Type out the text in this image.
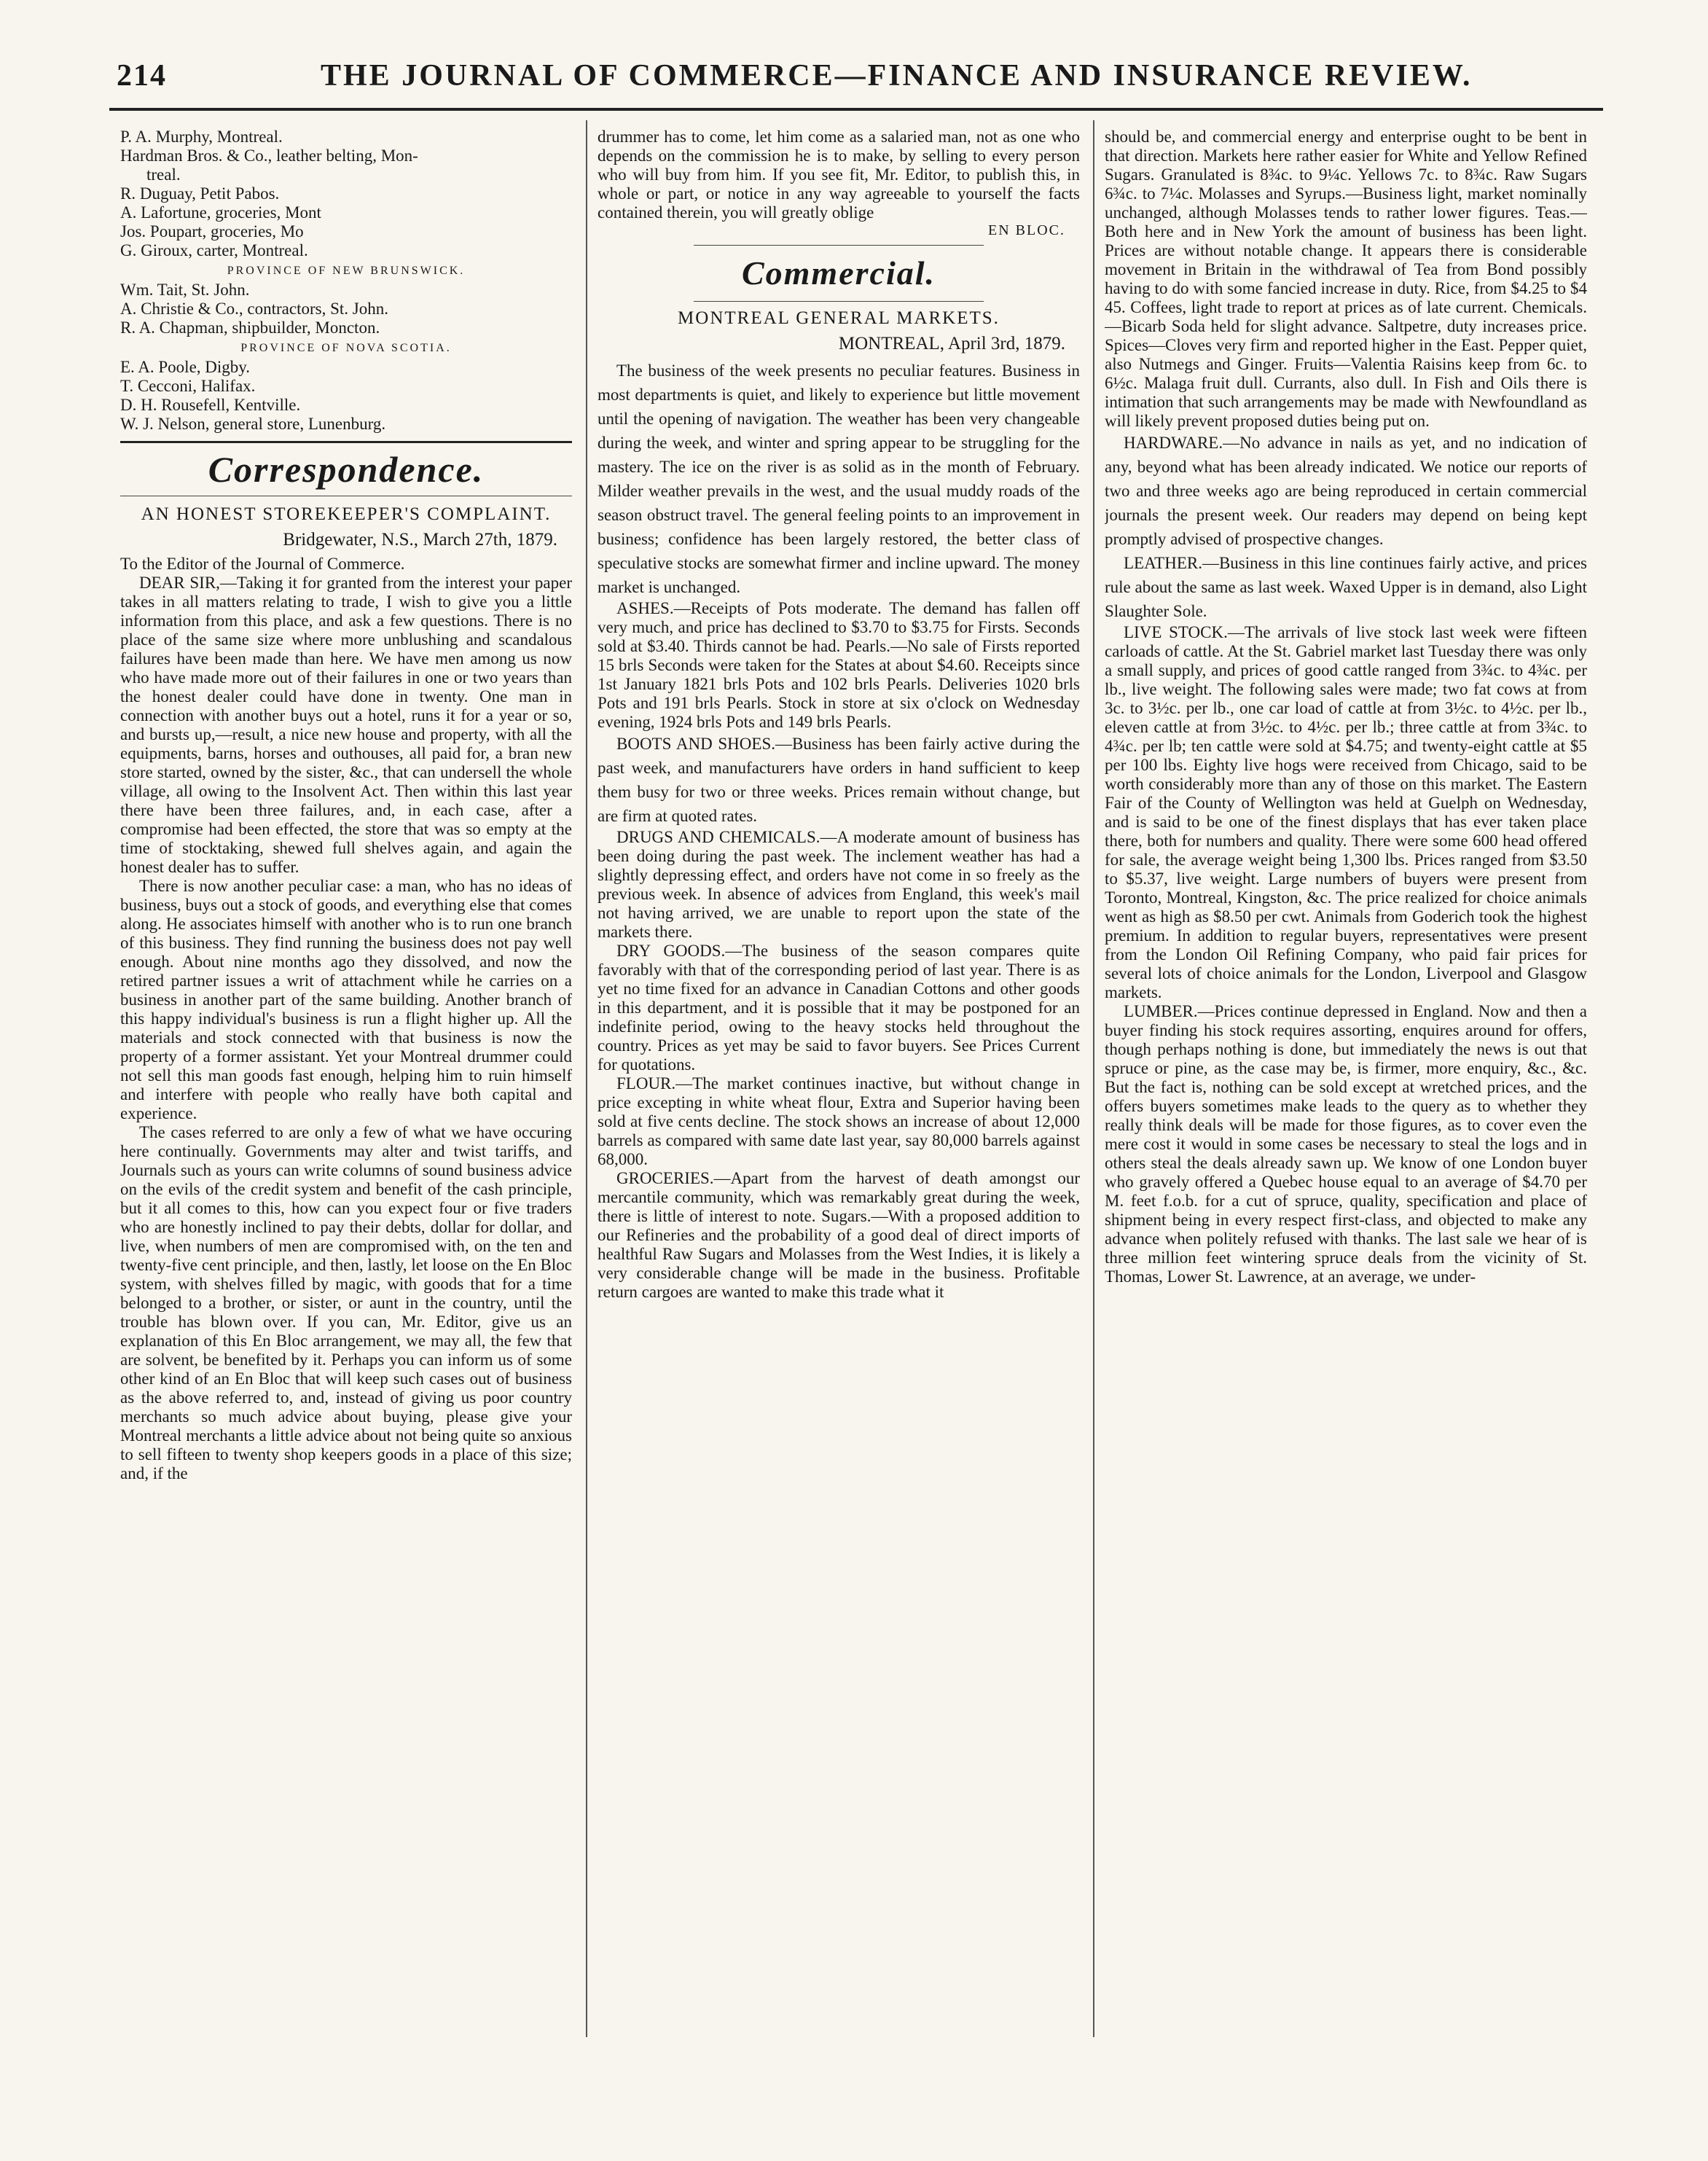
214	THE JOURNAL OF COMMERCE—FINANCE AND INSURANCE REVIEW.
P. A. Murphy, Montreal.
Hardman Bros. & Co., leather belting, Mon-
treal.
R. Duguay, Petit Pabos.
A. Lafortune, groceries, Mont
Jos. Poupart, groceries, Mo
G. Giroux, carter, Montreal.
PROVINCE OF NEW BRUNSWICK.
Wm. Tait, St. John.
A. Christie & Co., contractors, St. John.
R. A. Chapman, shipbuilder, Moncton.
PROVINCE OF NOVA SCOTIA.
E. A. Poole, Digby.
T. Cecconi, Halifax.
D. H. Rousefell, Kentville.
W. J. Nelson, general store, Lunenburg.
Correspondence.
AN HONEST STOREKEEPER'S COMPLAINT.
Bridgewater, N.S., March 27th, 1879.
To the Editor of the Journal of Commerce.

DEAR SIR,—Taking it for granted from the interest your paper takes in all matters relating to trade, I wish to give you a little information from this place, and ask a few questions. There is no place of the same size where more unblushing and scandalous failures have been made than here. We have men among us now who have made more out of their failures in one or two years than the honest dealer could have done in twenty. One man in connection with another buys out a hotel, runs it for a year or so, and bursts up,—result, a nice new house and property, with all the equipments, barns, horses and outhouses, all paid for, a bran new store started, owned by the sister, &c., that can undersell the whole village, all owing to the Insolvent Act. Then within this last year there have been three failures, and, in each case, after a compromise had been effected, the store that was so empty at the time of stocktaking, shewed full shelves again, and again the honest dealer has to suffer.

There is now another peculiar case: a man, who has no ideas of business, buys out a stock of goods, and everything else that comes along. He associates himself with another who is to run one branch of this business. They find running the business does not pay well enough. About nine months ago they dissolved, and now the retired partner issues a writ of attachment while he carries on a business in another part of the same building. Another branch of this happy individual's business is run a flight higher up. All the materials and stock connected with that business is now the property of a former assistant. Yet your Montreal drummer could not sell this man goods fast enough, helping him to ruin himself and interfere with people who really have both capital and experience.

The cases referred to are only a few of what we have occuring here continually. Governments may alter and twist tariffs, and Journals such as yours can write columns of sound business advice on the evils of the credit system and benefit of the cash principle, but it all comes to this, how can you expect four or five traders who are honestly inclined to pay their debts, dollar for dollar, and live, when numbers of men are compromised with, on the ten and twenty-five cent principle, and then, lastly, let loose on the En Bloc system, with shelves filled by magic, with goods that for a time belonged to a brother, or sister, or aunt in the country, until the trouble has blown over. If you can, Mr. Editor, give us an explanation of this En Bloc arrangement, we may all, the few that are solvent, be benefited by it. Perhaps you can inform us of some other kind of an En Bloc that will keep such cases out of business as the above referred to, and, instead of giving us poor country merchants so much advice about buying, please give your Montreal merchants a little advice about not being quite so anxious to sell fifteen to twenty shop keepers goods in a place of this size; and, if the

drummer has to come, let him come as a salaried man, not as one who depends on the commission he is to make, by selling to every person who will buy from him. If you see fit, Mr. Editor, to publish this, in whole or part, or notice in any way agreeable to yourself the facts contained therein, you will greatly oblige

EN BLOC.
Commercial.
MONTREAL GENERAL MARKETS.
MONTREAL, April 3rd, 1879.

The business of the week presents no peculiar features. Business in most departments is quiet, and likely to experience but little movement until the opening of navigation. The weather has been very changeable during the week, and winter and spring appear to be struggling for the mastery. The ice on the river is as solid as in the month of February. Milder weather prevails in the west, and the usual muddy roads of the season obstruct travel. The general feeling points to an improvement in business; confidence has been largely restored, the better class of speculative stocks are somewhat firmer and incline upward. The money market is unchanged.

ASHES.—Receipts of Pots moderate. The demand has fallen off very much, and price has declined to $3.70 to $3.75 for Firsts. Seconds sold at $3.40. Thirds cannot be had. Pearls.—No sale of Firsts reported 15 brls Seconds were taken for the States at about $4.60. Receipts since 1st January 1821 brls Pots and 102 brls Pearls. Deliveries 1020 brls Pots and 191 brls Pearls. Stock in store at six o'clock on Wednesday evening, 1924 brls Pots and 149 brls Pearls.

BOOTS AND SHOES.—Business has been fairly active during the past week, and manufacturers have orders in hand sufficient to keep them busy for two or three weeks. Prices remain without change, but are firm at quoted rates.

DRUGS AND CHEMICALS.—A moderate amount of business has been doing during the past week. The inclement weather has had a slightly depressing effect, and orders have not come in so freely as the previous week. In absence of advices from England, this week's mail not having arrived, we are unable to report upon the state of the markets there.

DRY GOODS.—The business of the season compares quite favorably with that of the corresponding period of last year. There is as yet no time fixed for an advance in Canadian Cottons and other goods in this department, and it is possible that it may be postponed for an indefinite period, owing to the heavy stocks held throughout the country. Prices as yet may be said to favor buyers. See Prices Current for quotations.

FLOUR.—The market continues inactive, but without change in price excepting in white wheat flour, Extra and Superior having been sold at five cents decline. The stock shows an increase of about 12,000 barrels as compared with same date last year, say 80,000 barrels against 68,000.

GROCERIES.—Apart from the harvest of death amongst our mercantile community, which was remarkably great during the week, there is little of interest to note. Sugars.—With a proposed addition to our Refineries and the probability of a good deal of direct imports of healthful Raw Sugars and Molasses from the West Indies, it is likely a very considerable change will be made in the business. Profitable return cargoes are wanted to make this trade what it

should be, and commercial energy and enterprise ought to be bent in that direction. Markets here rather easier for White and Yellow Refined Sugars. Granulated is 8¾c. to 9¼c. Yellows 7c. to 8¾c. Raw Sugars 6¾c. to 7¼c. Molasses and Syrups.—Business light, market nominally unchanged, although Molasses tends to rather lower figures. Teas.—Both here and in New York the amount of business has been light. Prices are without notable change. It appears there is considerable movement in Britain in the withdrawal of Tea from Bond possibly having to do with some fancied increase in duty. Rice, from $4.25 to $4 45. Coffees, light trade to report at prices as of late current. Chemicals.—Bicarb Soda held for slight advance. Saltpetre, duty increases price. Spices—Cloves very firm and reported higher in the East. Pepper quiet, also Nutmegs and Ginger. Fruits—Valentia Raisins keep from 6c. to 6½c. Malaga fruit dull. Currants, also dull. In Fish and Oils there is intimation that such arrangements may be made with Newfoundland as will likely prevent proposed duties being put on.

HARDWARE.—No advance in nails as yet, and no indication of any, beyond what has been already indicated. We notice our reports of two and three weeks ago are being reproduced in certain commercial journals the present week. Our readers may depend on being kept promptly advised of prospective changes.

LEATHER.—Business in this line continues fairly active, and prices rule about the same as last week. Waxed Upper is in demand, also Light Slaughter Sole.

LIVE STOCK.—The arrivals of live stock last week were fifteen carloads of cattle. At the St. Gabriel market last Tuesday there was only a small supply, and prices of good cattle ranged from 3¾c. to 4¾c. per lb., live weight. The following sales were made; two fat cows at from 3c. to 3½c. per lb., one car load of cattle at from 3½c. to 4½c. per lb., eleven cattle at from 3½c. to 4½c. per lb.; three cattle at from 3¾c. to 4¾c. per lb; ten cattle were sold at $4.75; and twenty-eight cattle at $5 per 100 lbs. Eighty live hogs were received from Chicago, said to be worth considerably more than any of those on this market. The Eastern Fair of the County of Wellington was held at Guelph on Wednesday, and is said to be one of the finest displays that has ever taken place there, both for numbers and quality. There were some 600 head offered for sale, the average weight being 1,300 lbs. Prices ranged from $3.50 to $5.37, live weight. Large numbers of buyers were present from Toronto, Montreal, Kingston, &c. The price realized for choice animals went as high as $8.50 per cwt. Animals from Goderich took the highest premium. In addition to regular buyers, representatives were present from the London Oil Refining Company, who paid fair prices for several lots of choice animals for the London, Liverpool and Glasgow markets.

LUMBER.—Prices continue depressed in England. Now and then a buyer finding his stock requires assorting, enquires around for offers, though perhaps nothing is done, but immediately the news is out that spruce or pine, as the case may be, is firmer, more enquiry, &c., &c. But the fact is, nothing can be sold except at wretched prices, and the offers buyers sometimes make leads to the query as to whether they really think deals will be made for those figures, as to cover even the mere cost it would in some cases be necessary to steal the logs and in others steal the deals already sawn up. We know of one London buyer who gravely offered a Quebec house equal to an average of $4.70 per M. feet f.o.b. for a cut of spruce, quality, specification and place of shipment being in every respect first-class, and objected to make any advance when politely refused with thanks. The last sale we hear of is three million feet wintering spruce deals from the vicinity of St. Thomas, Lower St. Lawrence, at an average, we under-
